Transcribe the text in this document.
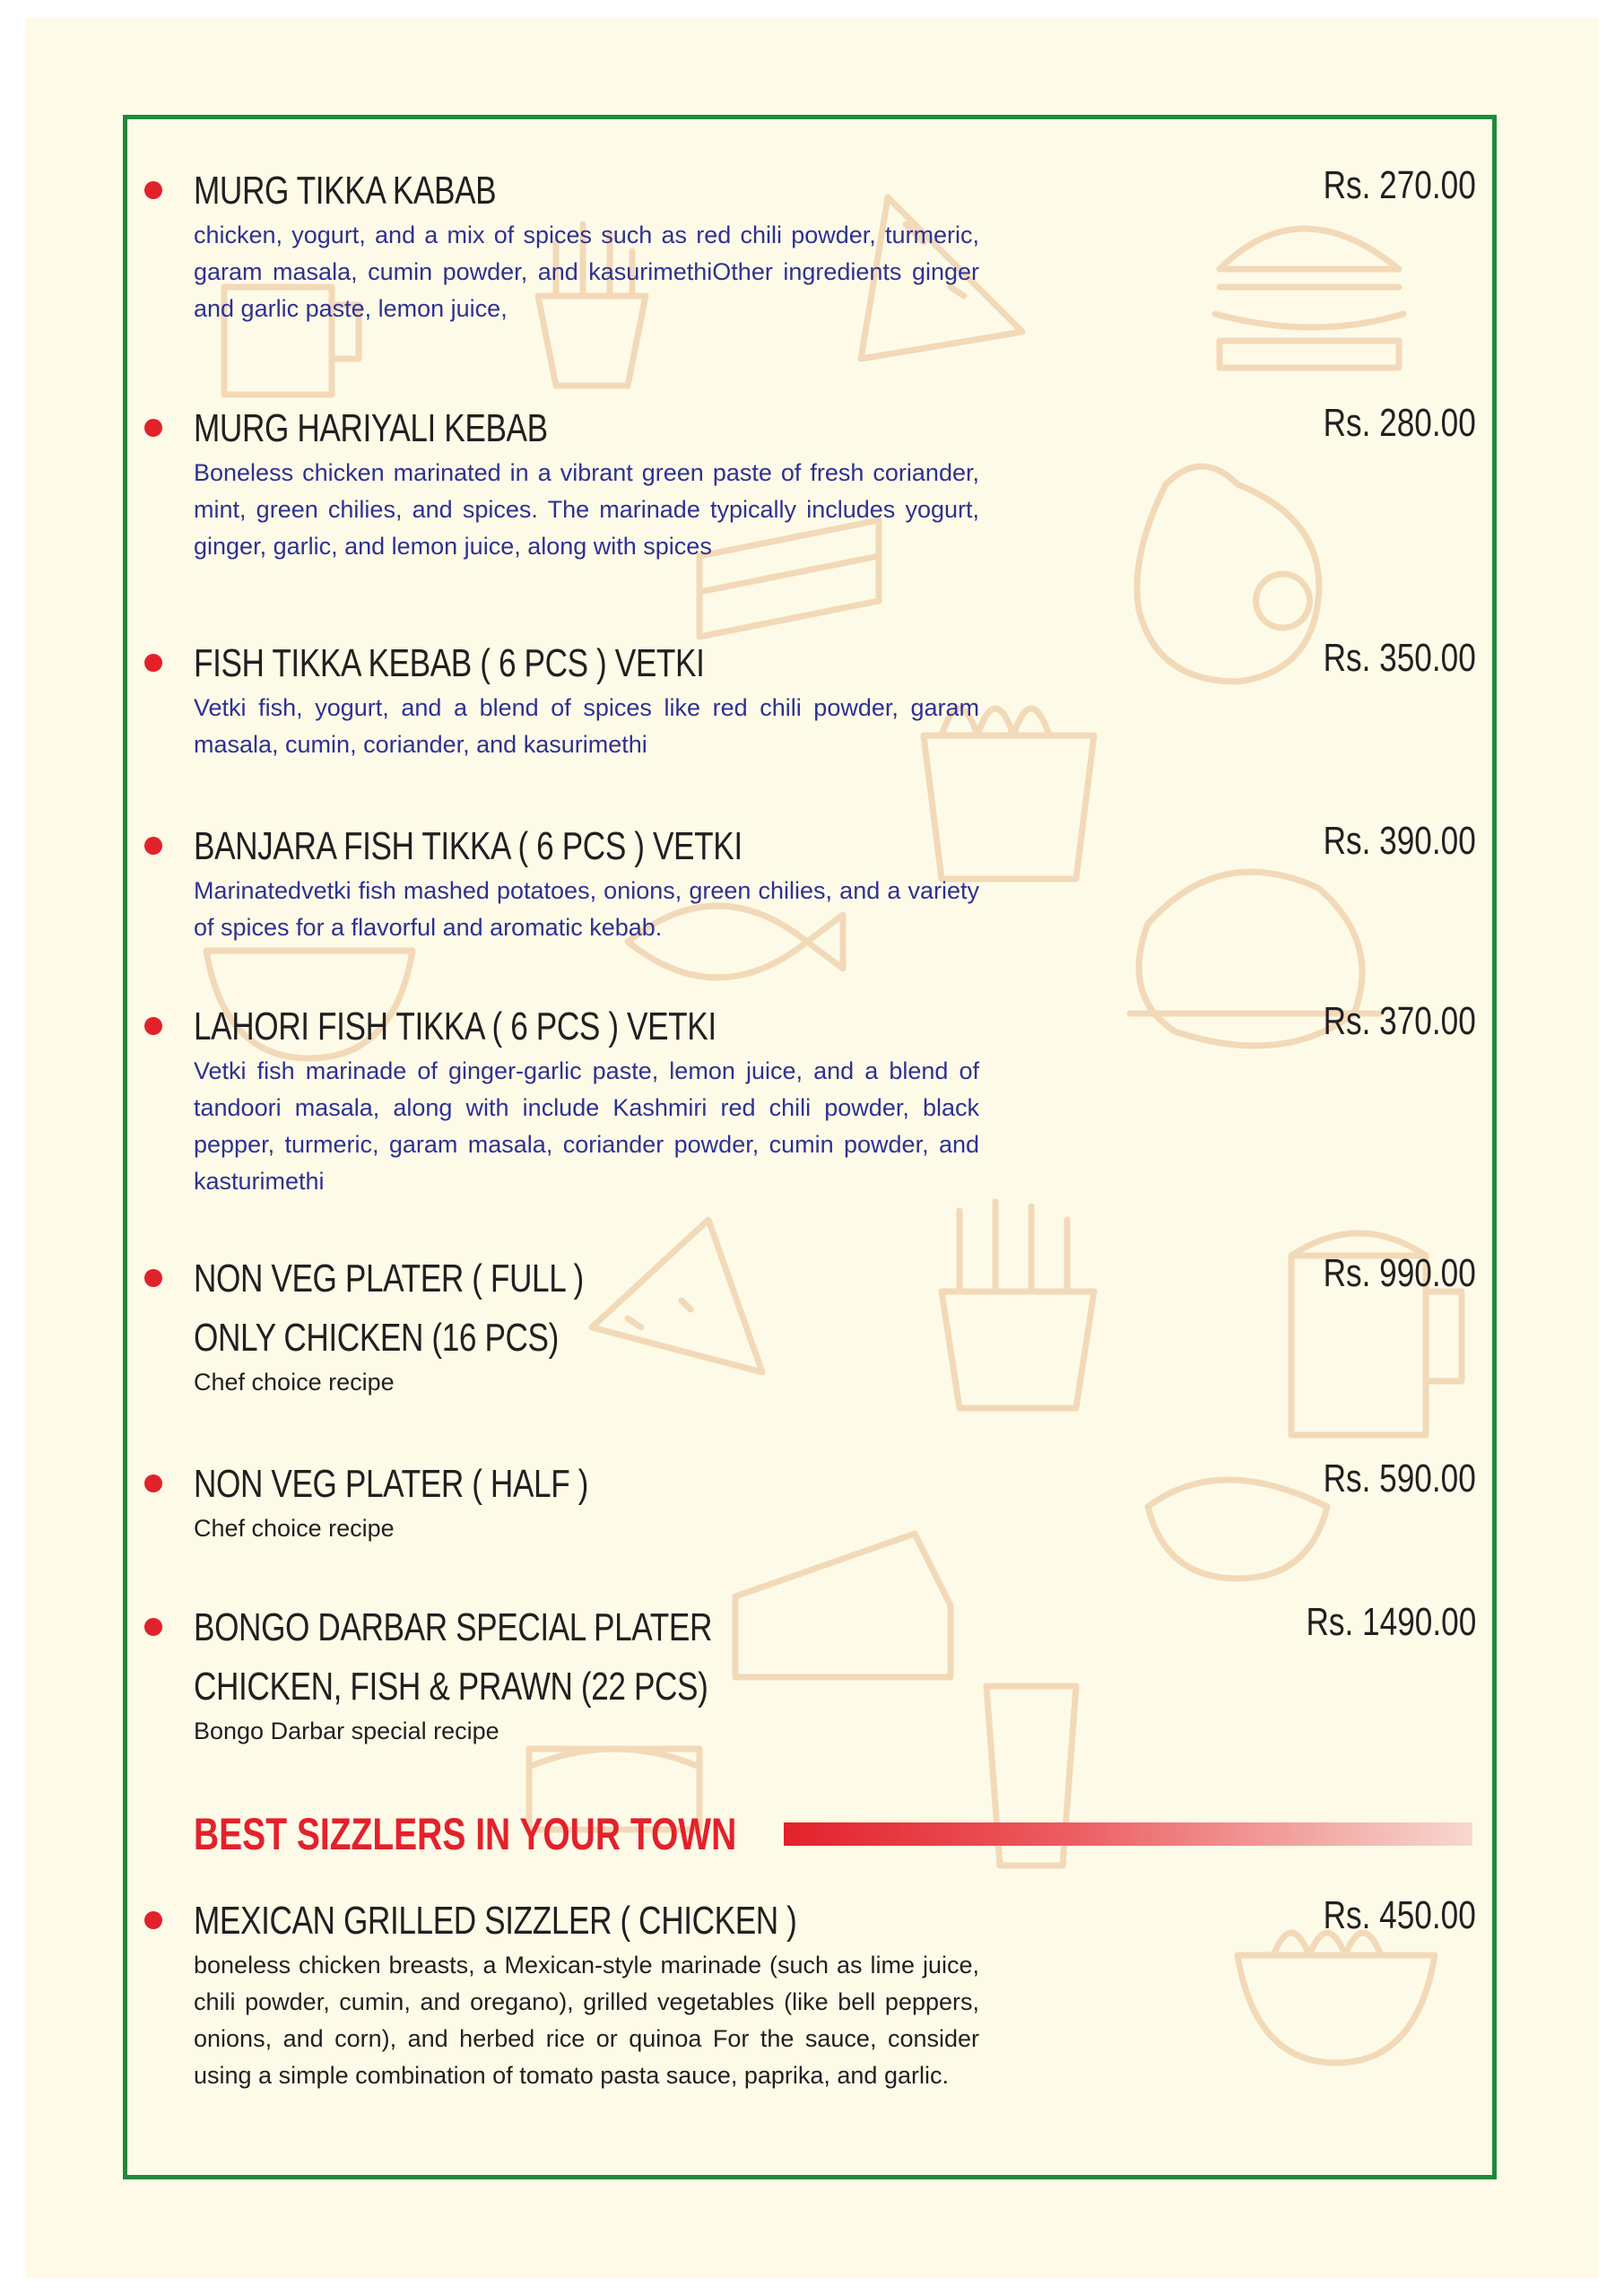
MURG TIKKA KABAB	Rs. 270.00
chicken, yogurt, and a mix of spices such as red chili powder, turmeric, garam masala, cumin powder, and kasurimethiOther ingredients ginger and garlic paste, lemon juice,
MURG HARIYALI KEBAB	Rs. 280.00
Boneless chicken marinated in a vibrant green paste of fresh coriander, mint, green chilies, and spices. The marinade typically includes yogurt, ginger, garlic, and lemon juice, along with spices
FISH TIKKA KEBAB ( 6 PCS ) VETKI	Rs. 350.00
Vetki fish, yogurt, and a blend of spices like red chili powder, garam masala, cumin, coriander, and kasurimethi
BANJARA FISH TIKKA ( 6 PCS ) VETKI	Rs. 390.00
Marinatedvetki fish mashed potatoes, onions, green chilies, and a variety of spices for a flavorful and aromatic kebab.
LAHORI FISH TIKKA ( 6 PCS ) VETKI	Rs. 370.00
Vetki fish marinade of ginger-garlic paste, lemon juice, and a blend of tandoori masala, along with include Kashmiri red chili powder, black pepper, turmeric, garam masala, coriander powder, cumin powder, and kasturimethi
NON VEG PLATER ( FULL )
ONLY CHICKEN (16 PCS)
Rs. 990.00
Chef choice recipe
NON VEG PLATER ( HALF )	Rs. 590.00
Chef choice recipe
BONGO DARBAR SPECIAL PLATER
CHICKEN, FISH & PRAWN (22 PCS)
Rs. 1490.00
Bongo Darbar special recipe
BEST SIZZLERS IN YOUR TOWN
MEXICAN GRILLED SIZZLER ( CHICKEN )	Rs. 450.00
boneless chicken breasts, a Mexican-style marinade (such as lime juice, chili powder, cumin, and oregano), grilled vegetables (like bell peppers, onions, and corn), and herbed rice or quinoa For the sauce, consider using a simple combination of tomato pasta sauce, paprika, and garlic.
